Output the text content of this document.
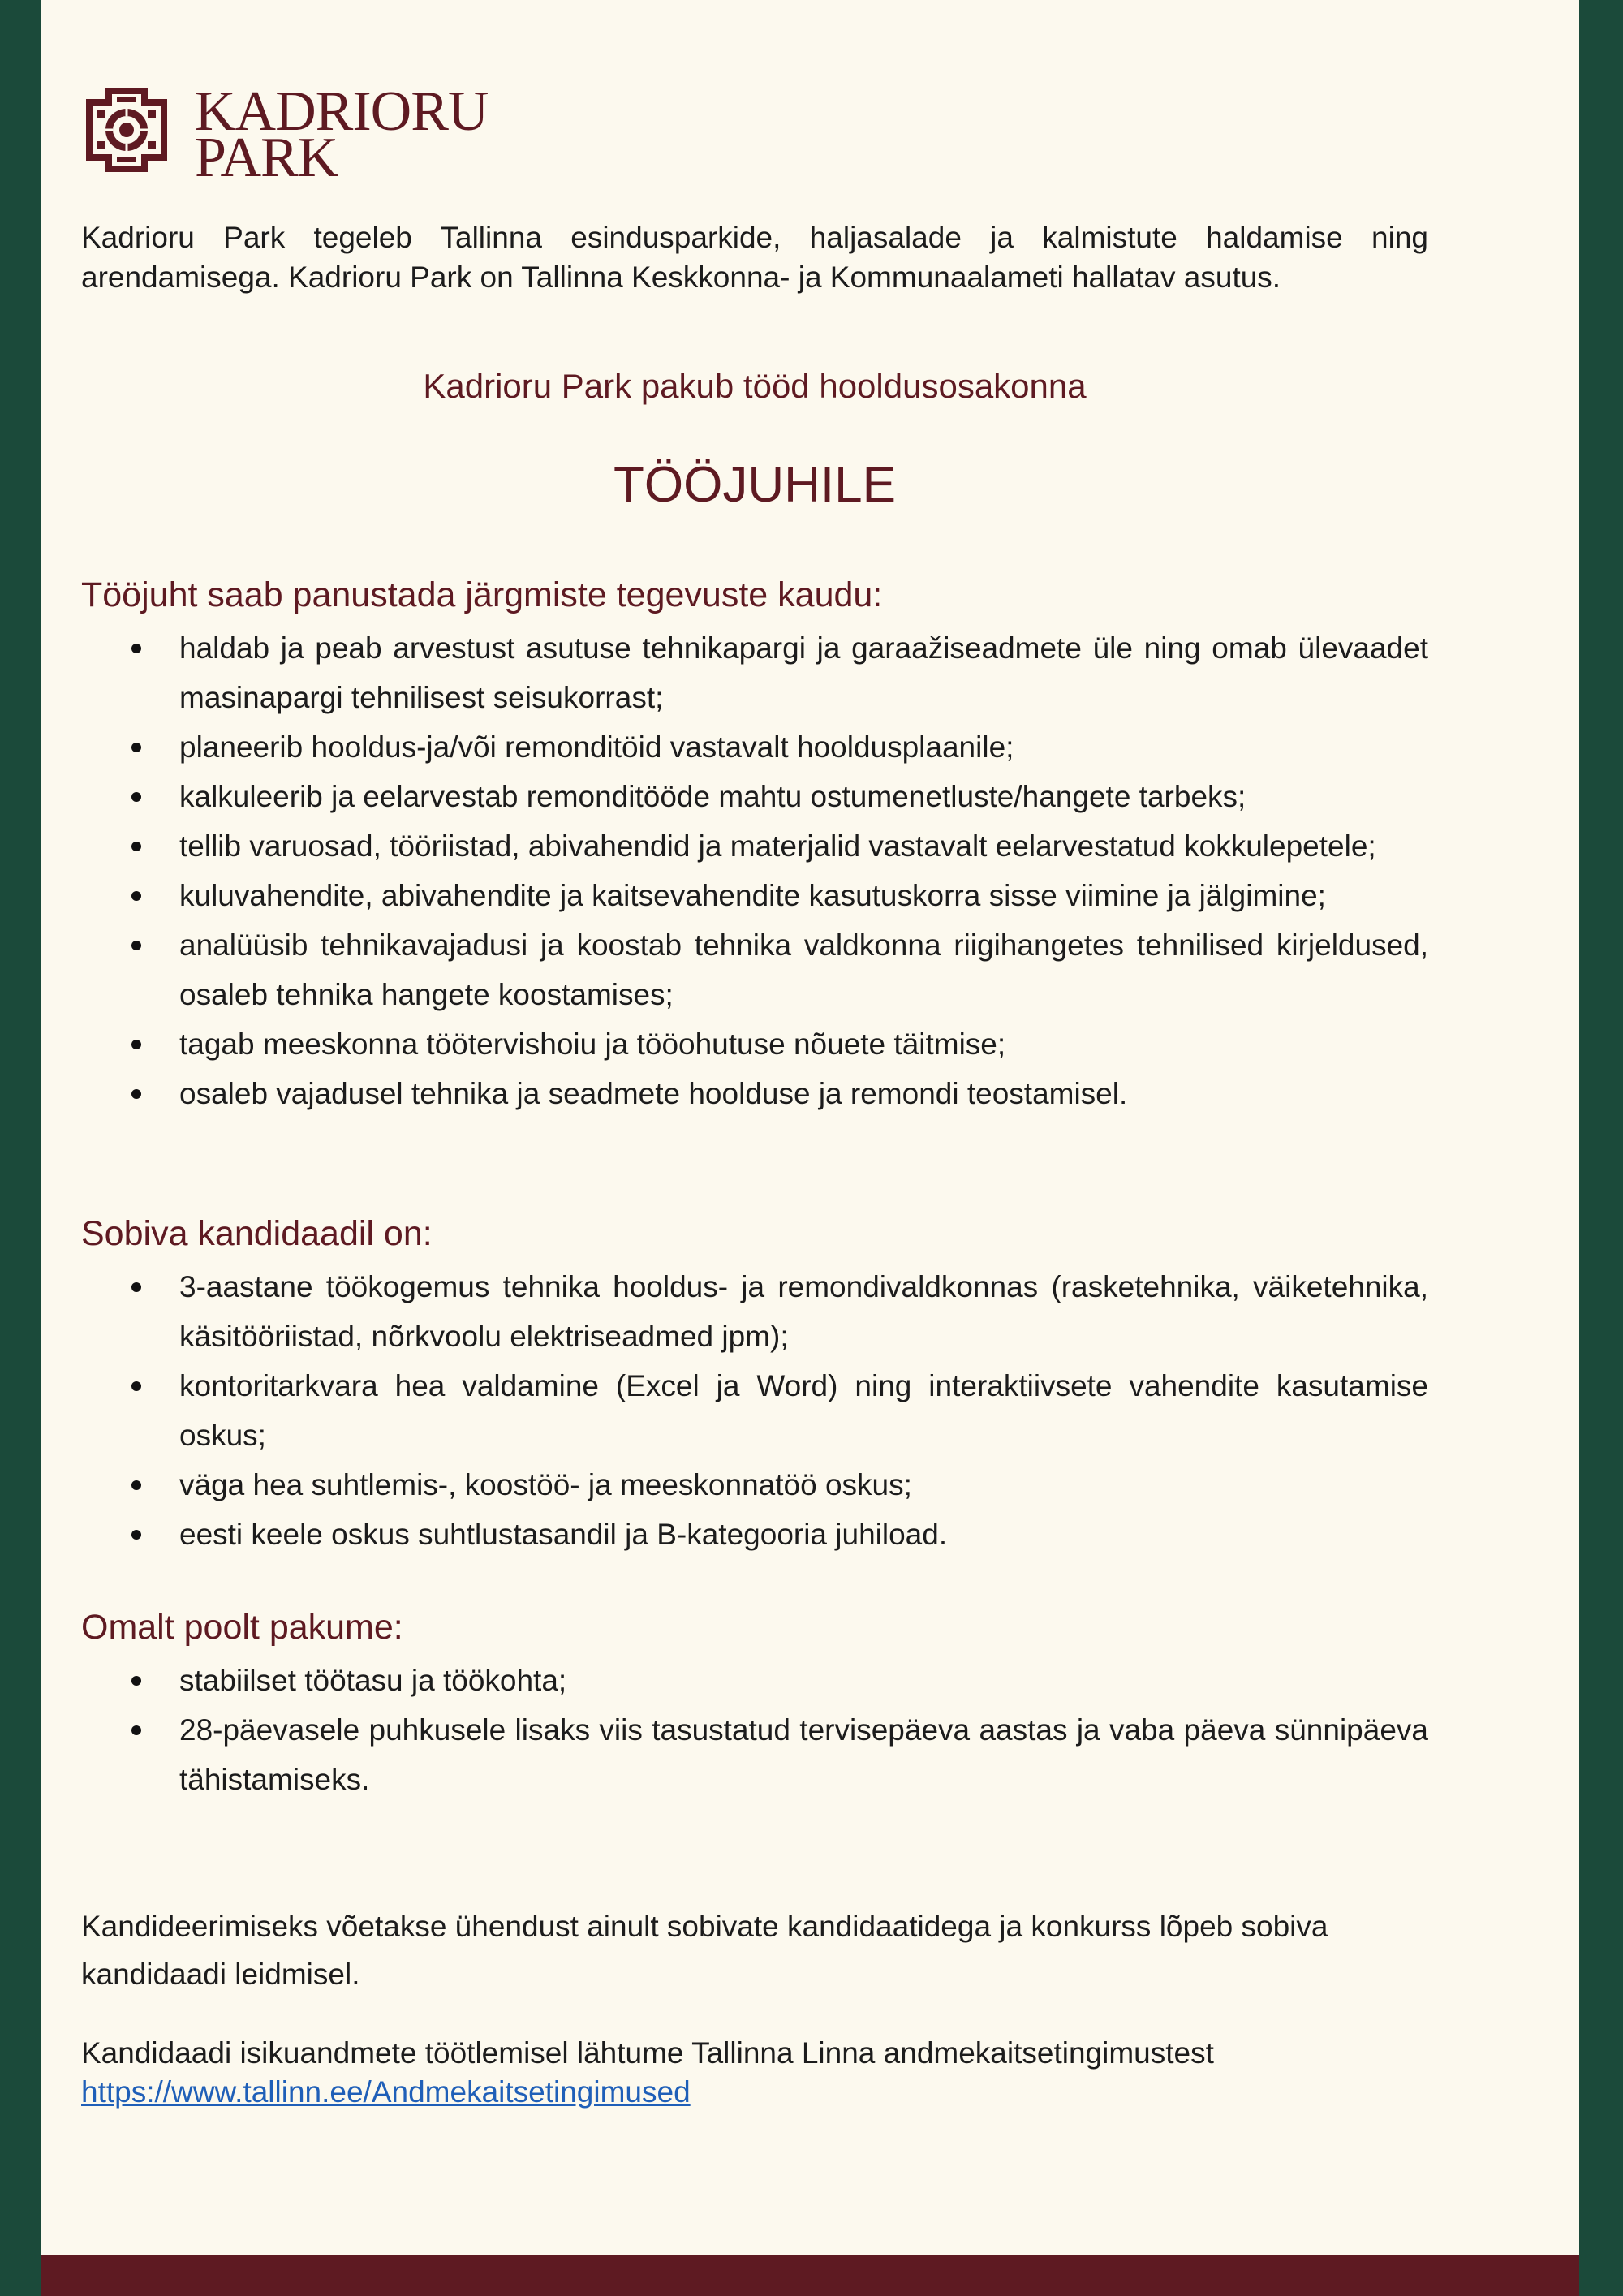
KADRIORU
PARK

Kadrioru Park tegeleb Tallinna esindusparkide, haljasalade ja kalmistute haldamise ning arendamisega. Kadrioru Park on Tallinna Keskkonna- ja Kommunaalameti hallatav asutus.

Kadrioru Park pakub tööd hooldusosakonna

TÖÖJUHILE
Tööjuht saab panustada järgmiste tegevuste kaudu:
haldab ja peab arvestust asutuse tehnikapargi ja garaažiseadmete üle ning omab ülevaadet masinapargi tehnilisest seisukorrast;
planeerib hooldus-ja/või remonditöid vastavalt hooldusplaanile;
kalkuleerib ja eelarvestab remonditööde mahtu ostumenetluste/hangete tarbeks;
tellib varuosad, tööriistad, abivahendid ja materjalid vastavalt eelarvestatud kokkulepetele;
kuluvahendite, abivahendite ja kaitsevahendite kasutuskorra sisse viimine ja jälgimine;
analüüsib tehnikavajadusi ja koostab tehnika valdkonna riigihangetes tehnilised kirjeldused, osaleb tehnika hangete koostamises;
tagab meeskonna töötervishoiu ja tööohutuse nõuete täitmise;
osaleb vajadusel tehnika ja seadmete hoolduse ja remondi teostamisel.
Sobiva kandidaadil on:
3-aastane töökogemus tehnika hooldus- ja remondivaldkonnas (rasketehnika, väiketehnika, käsitööriistad, nõrkvoolu elektriseadmed jpm);
kontoritarkvara hea valdamine (Excel ja Word) ning interaktiivsete vahendite kasutamise oskus;
väga hea suhtlemis-, koostöö- ja meeskonnatöö oskus;
eesti keele oskus suhtlustasandil ja B-kategooria juhiload.
Omalt poolt pakume:
stabiilset töötasu ja töökohta;
28-päevasele puhkusele lisaks viis tasustatud tervisepäeva aastas ja vaba päeva sünnipäeva tähistamiseks.

Kandideerimiseks võetakse ühendust ainult sobivate kandidaatidega ja konkurss lõpeb sobiva kandidaadi leidmisel.

Kandidaadi isikuandmete töötlemisel lähtume Tallinna Linna andmekaitsetingimustest
https://www.tallinn.ee/Andmekaitsetingimused
